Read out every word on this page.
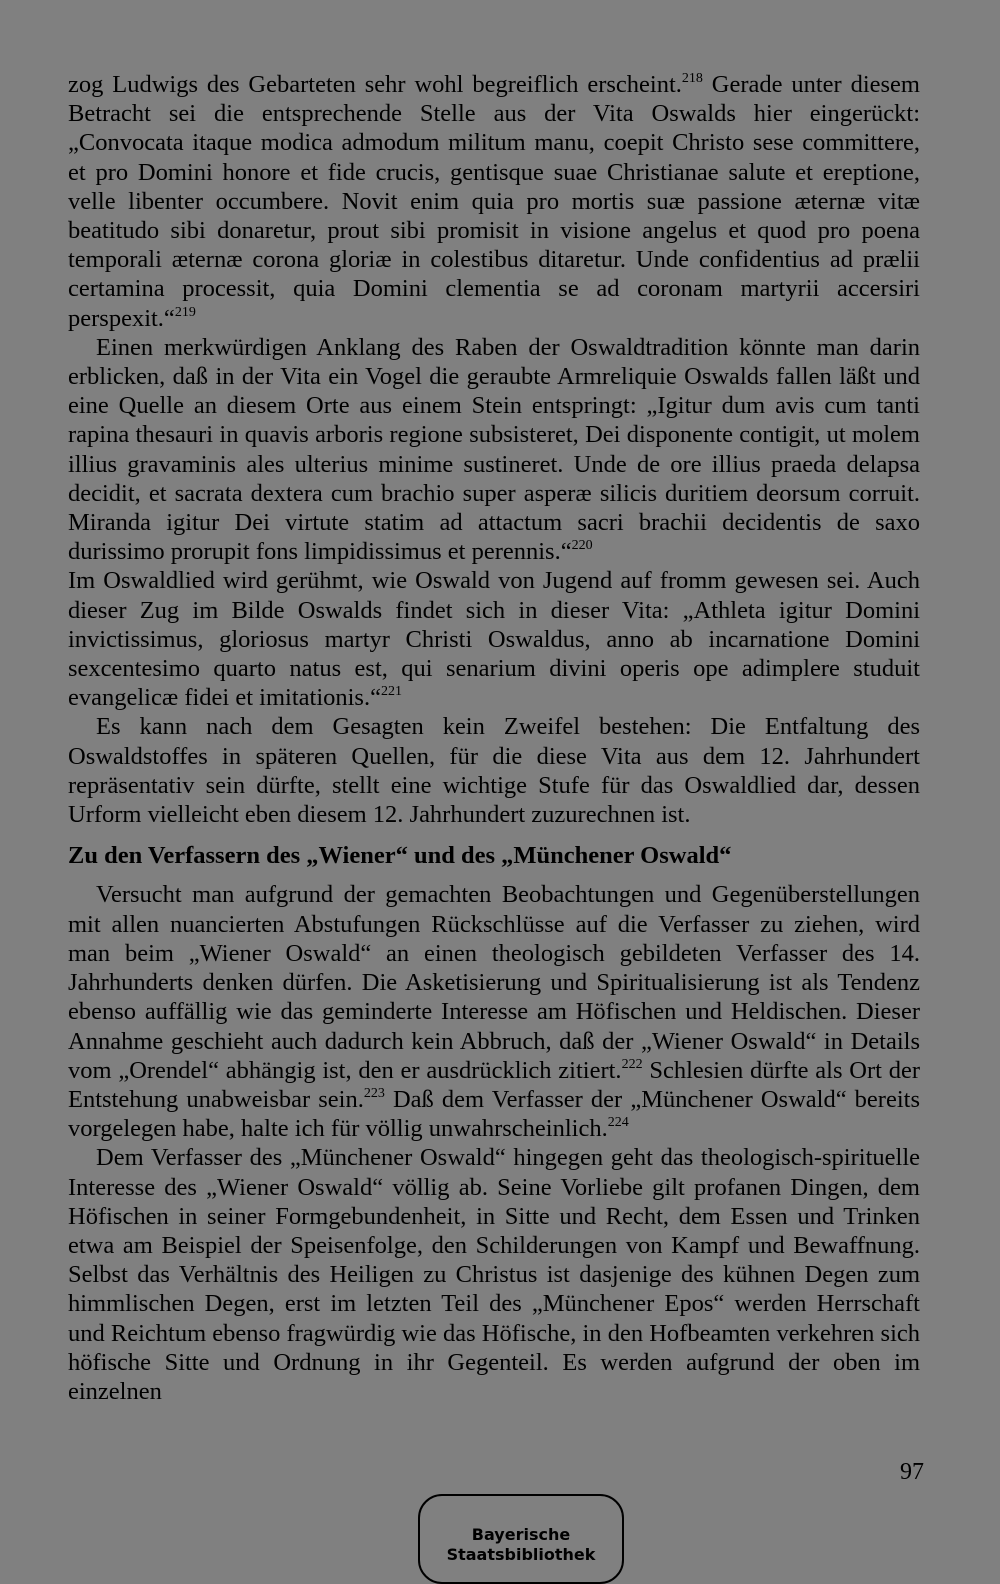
zog Ludwigs des Gebarteten sehr wohl begreiflich erscheint.$^{218}$ Gerade unter diesem Betracht sei die entsprechende Stelle aus der Vita Oswalds hier eingerückt: „Convocata itaque modica admodum militum manu, coepit Christo sese committere, et pro Domini honore et fide crucis, gentisque suae Christianae salute et ereptione, velle libenter occumbere. Novit enim quia pro mortis suæ passione æternæ vitæ beatitudo sibi donaretur, prout sibi promisit in visione angelus et quod pro poena temporali æternæ corona gloriæ in colestibus ditaretur. Unde confidentius ad prælii certamina processit, quia Domini clementia se ad coronam martyrii accersiri perspexit.“$^{219}$

Einen merkwürdigen Anklang des Raben der Oswaldtradition könnte man darin erblicken, daß in der Vita ein Vogel die geraubte Armreliquie Oswalds fallen läßt und eine Quelle an diesem Orte aus einem Stein entspringt: „Igitur dum avis cum tanti rapina thesauri in quavis arboris regione subsisteret, Dei disponente contigit, ut molem illius gravaminis ales ulterius minime sustineret. Unde de ore illius praeda delapsa decidit, et sacrata dextera cum brachio super asperæ silicis duritiem deorsum corruit. Miranda igitur Dei virtute statim ad attactum sacri brachii decidentis de saxo durissimo prorupit fons limpidissimus et perennis.“$^{220}$

Im Oswaldlied wird gerühmt, wie Oswald von Jugend auf fromm gewesen sei. Auch dieser Zug im Bilde Oswalds findet sich in dieser Vita: „Athleta igitur Domini invictissimus, gloriosus martyr Christi Oswaldus, anno ab incarnatione Domini sexcentesimo quarto natus est, qui senarium divini operis ope adimplere studuit evangelicæ fidei et imitationis.“$^{221}$

Es kann nach dem Gesagten kein Zweifel bestehen: Die Entfaltung des Oswaldstoffes in späteren Quellen, für die diese Vita aus dem 12. Jahrhundert repräsentativ sein dürfte, stellt eine wichtige Stufe für das Oswaldlied dar, dessen Urform vielleicht eben diesem 12. Jahrhundert zuzurechnen ist.

Zu den Verfassern des „Wiener“ und des „Münchener Oswald“

Versucht man aufgrund der gemachten Beobachtungen und Gegenüberstellungen mit allen nuancierten Abstufungen Rückschlüsse auf die Verfasser zu ziehen, wird man beim „Wiener Oswald“ an einen theologisch gebildeten Verfasser des 14. Jahrhunderts denken dürfen. Die Asketisierung und Spiritualisierung ist als Tendenz ebenso auffällig wie das geminderte Interesse am Höfischen und Heldischen. Dieser Annahme geschieht auch dadurch kein Abbruch, daß der „Wiener Oswald“ in Details vom „Orendel“ abhängig ist, den er ausdrücklich zitiert.$^{222}$ Schlesien dürfte als Ort der Entstehung unabweisbar sein.$^{223}$ Daß dem Verfasser der „Münchener Oswald“ bereits vorgelegen habe, halte ich für völlig unwahrscheinlich.$^{224}$

Dem Verfasser des „Münchener Oswald“ hingegen geht das theologisch-spirituelle Interesse des „Wiener Oswald“ völlig ab. Seine Vorliebe gilt profanen Dingen, dem Höfischen in seiner Formgebundenheit, in Sitte und Recht, dem Essen und Trinken etwa am Beispiel der Speisenfolge, den Schilderungen von Kampf und Bewaffnung. Selbst das Verhältnis des Heiligen zu Christus ist dasjenige des kühnen Degen zum himmlischen Degen, erst im letzten Teil des „Münchener Epos“ werden Herrschaft und Reichtum ebenso fragwürdig wie das Höfische, in den Hofbeamten verkehren sich höfische Sitte und Ordnung in ihr Gegenteil. Es werden aufgrund der oben im einzelnen

97
Bayerische
Staatsbibliothek
